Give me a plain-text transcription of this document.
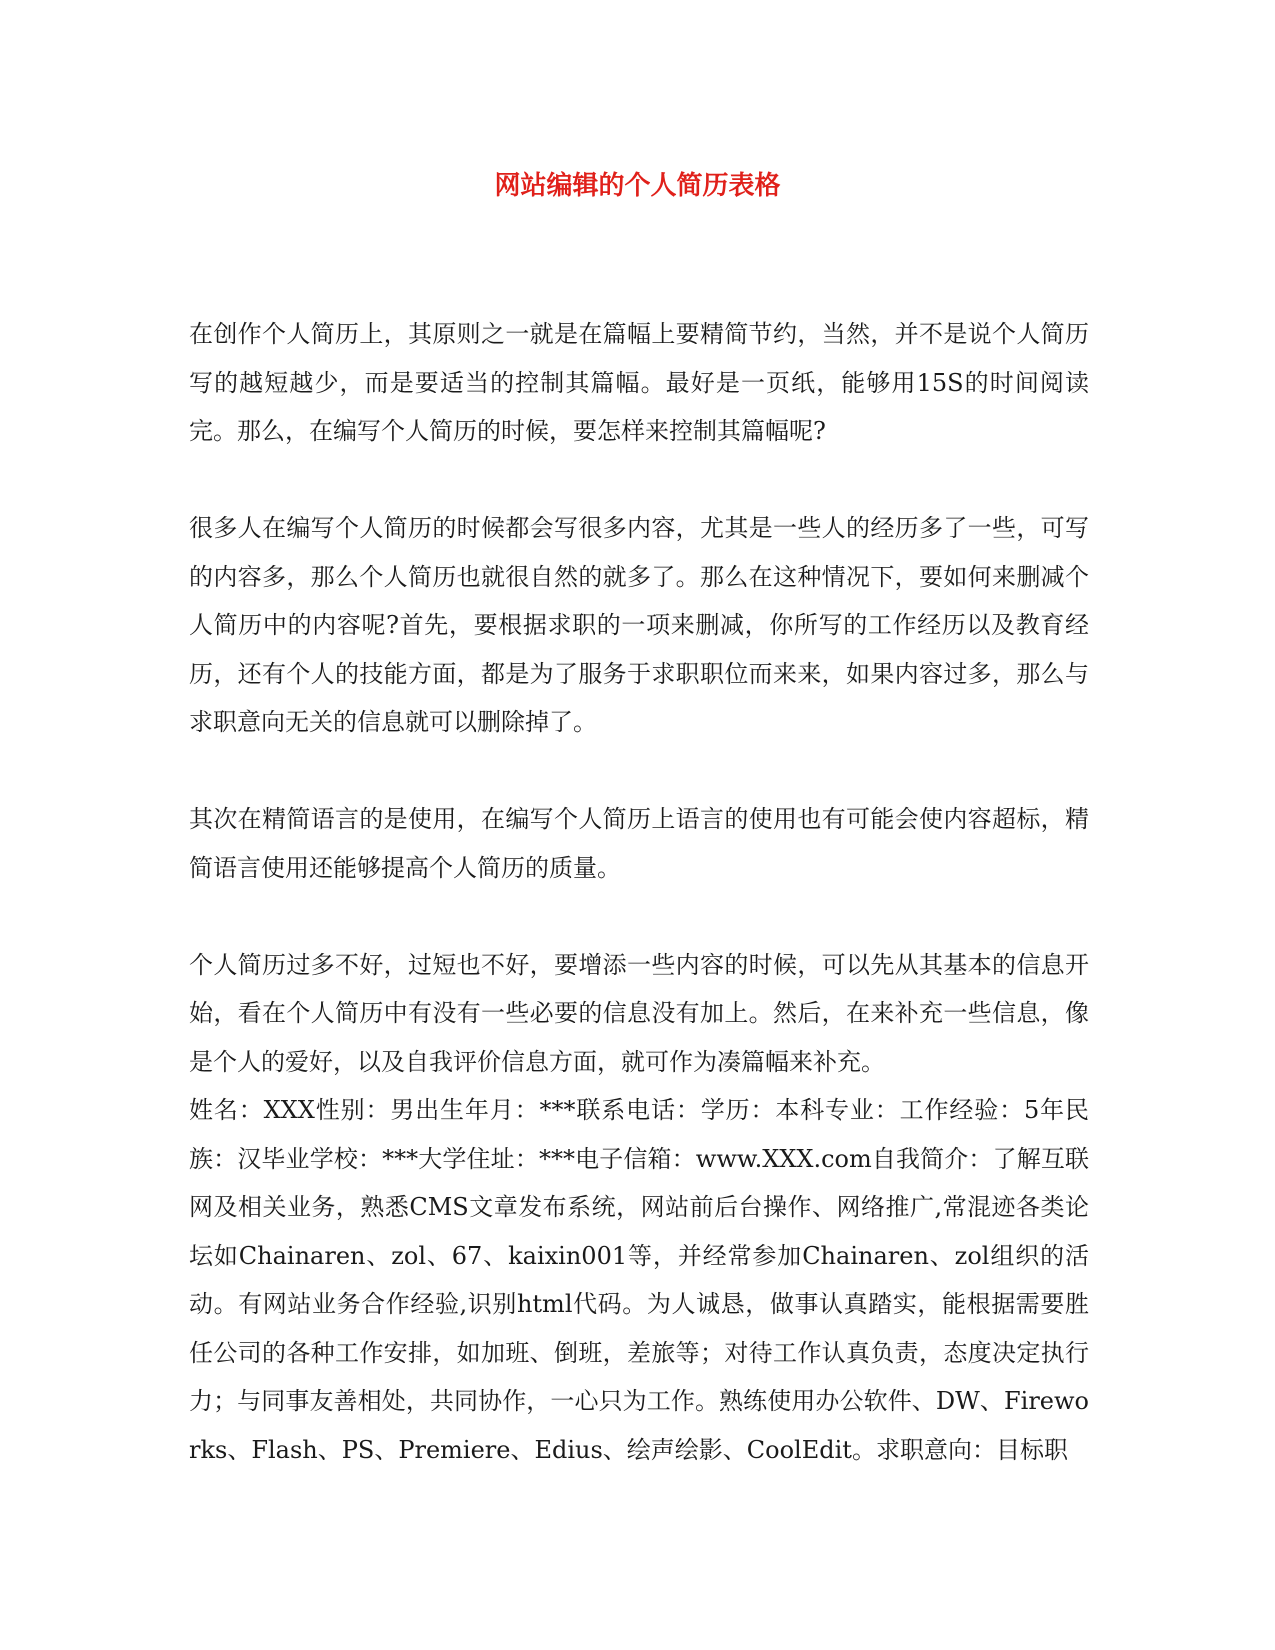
网站编辑的个人简历表格

在创作个人简历上，其原则之一就是在篇幅上要精简节约，当然，并不是说个人简历写的越短越少，而是要适当的控制其篇幅。最好是一页纸，能够用15S的时间阅读完。那么，在编写个人简历的时候，要怎样来控制其篇幅呢?

很多人在编写个人简历的时候都会写很多内容，尤其是一些人的经历多了一些，可写的内容多，那么个人简历也就很自然的就多了。那么在这种情况下，要如何来删减个人简历中的内容呢?首先，要根据求职的一项来删减，你所写的工作经历以及教育经历，还有个人的技能方面，都是为了服务于求职职位而来来，如果内容过多，那么与求职意向无关的信息就可以删除掉了。

其次在精简语言的是使用，在编写个人简历上语言的使用也有可能会使内容超标，精简语言使用还能够提高个人简历的质量。

个人简历过多不好，过短也不好，要增添一些内容的时候，可以先从其基本的信息开始，看在个人简历中有没有一些必要的信息没有加上。然后，在来补充一些信息，像是个人的爱好，以及自我评价信息方面，就可作为凑篇幅来补充。

姓名：XXX性别：男出生年月：***联系电话：学历：本科专业：工作经验：5年民族：汉毕业学校：***大学住址：***电子信箱：www.XXX.com自我简介：了解互联网及相关业务，熟悉CMS文章发布系统，网站前后台操作、网络推广,常混迹各类论坛如Chainaren、zol、67、kaixin001等，并经常参加Chainaren、zol组织的活动。有网站业务合作经验,识别html代码。为人诚恳，做事认真踏实，能根据需要胜任公司的各种工作安排，如加班、倒班，差旅等；对待工作认真负责，态度决定执行力；与同事友善相处，共同协作，一心只为工作。熟练使用办公软件、DW、Fireworks、Flash、PS、Premiere、Edius、绘声绘影、CoolEdit。求职意向：目标职
